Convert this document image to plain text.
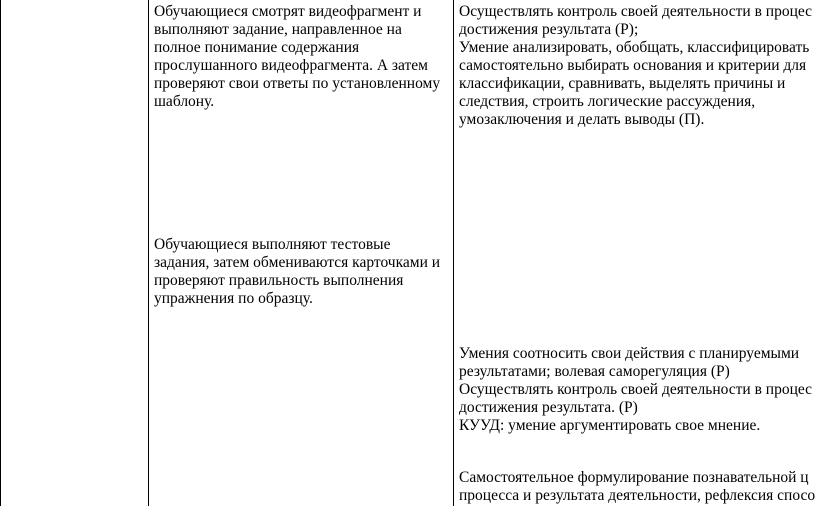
Обучающиеся смотрят видеофрагмент и
выполняют задание, направленное на
полное понимание содержания
прослушанного видеофрагмента. А затем
проверяют свои ответы по установленному
шаблону.
Обучающиеся выполняют тестовые
задания, затем обмениваются карточками и
проверяют правильность выполнения
упражнения по образцу.
Осуществлять контроль своей деятельности в процес
достижения результата (Р);
Умение анализировать, обобщать, классифицировать
самостоятельно выбирать основания и критерии для
классификации, сравнивать, выделять причины и
следствия, строить логические рассуждения,
умозаключения и делать выводы (П).
Умения соотносить свои действия с планируемыми
результатами; волевая саморегуляция (Р)
Осуществлять контроль своей деятельности в процес
достижения результата. (Р)
КУУД: умение аргументировать свое мнение.
Самостоятельное формулирование познавательной ц
процесса и результата деятельности, рефлексия спосо
